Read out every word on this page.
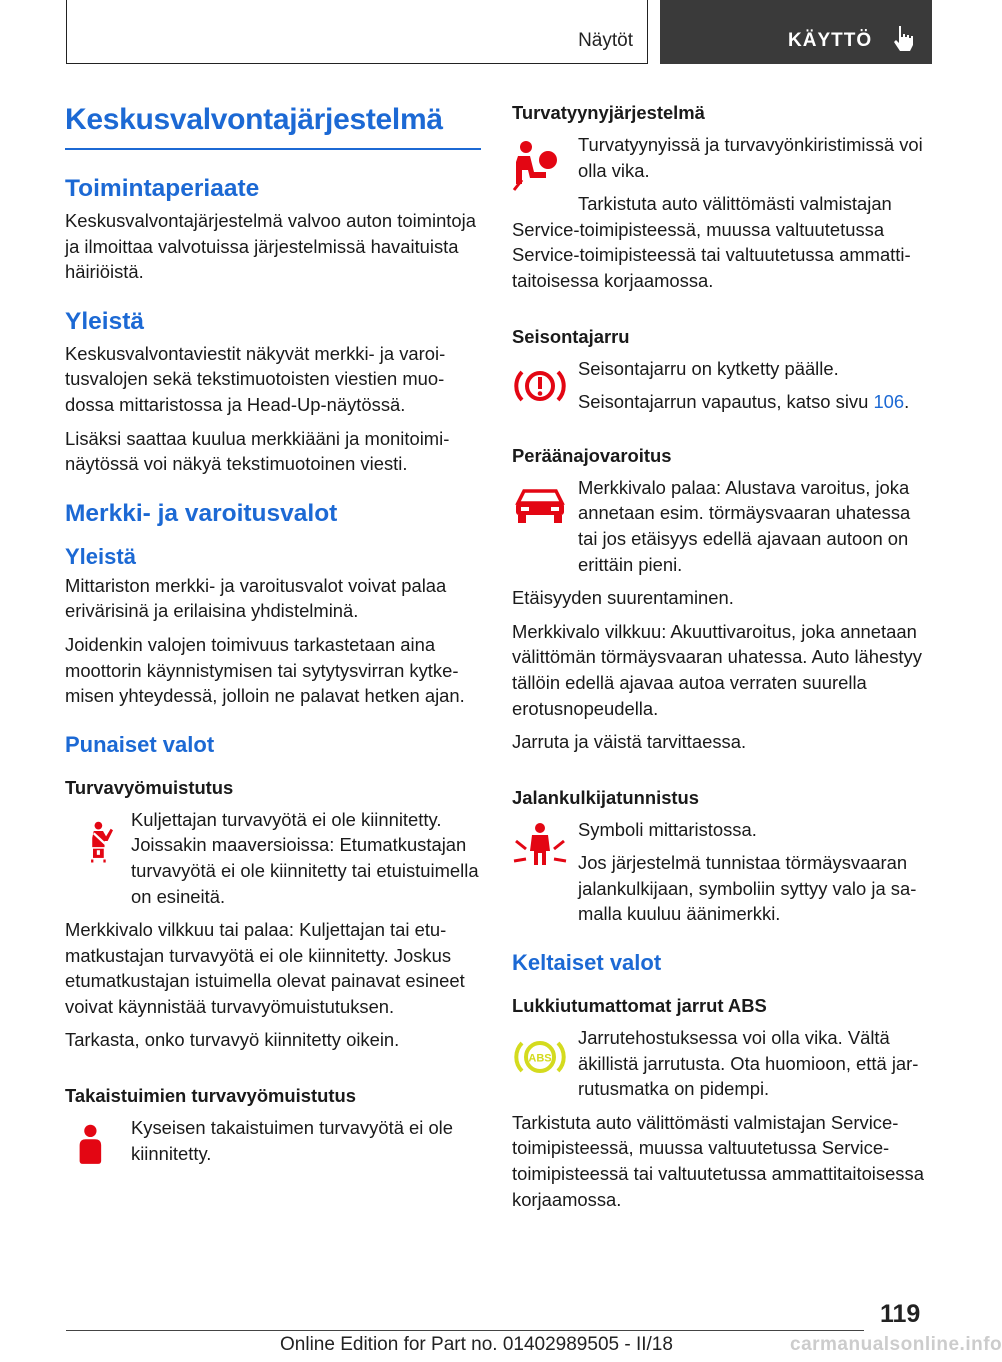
Näytöt	KÄYTTÖ
Keskusvalvontajärjestelmä
Toimintaperiaate

Keskusvalvontajärjestelmä valvoo auton toimintoja ja ilmoittaa valvotuissa järjestelmissä havaituista häiriöistä.

Yleistä

Keskusvalvontaviestit näkyvät merkki- ja varoitusvalojen sekä tekstimuotoisten viestien muodossa mittaristossa ja Head-Up-näytössä.

Lisäksi saattaa kuulua merkkiääni ja monitoiminäytössä voi näkyä tekstimuotoinen viesti.

Merkki- ja varoitusvalot
Yleistä

Mittariston merkki- ja varoitusvalot voivat palaa erivärisinä ja erilaisina yhdistelminä.

Joidenkin valojen toimivuus tarkastetaan aina moottorin käynnistymisen tai sytytysvirran kytkemisen yhteydessä, jolloin ne palavat hetken ajan.

Punaiset valot
Turvavyömuistutus

Kuljettajan turvavyötä ei ole kiinnitetty. Joissakin maaversioissa: Etumatkustajan turvavyötä ei ole kiinnitetty tai etuistuimella on esineitä.

Merkkivalo vilkkuu tai palaa: Kuljettajan tai etumatkustajan turvavyötä ei ole kiinnitetty. Joskus etumatkustajan istuimella olevat painavat esineet voivat käynnistää turvavyömuistutuksen.

Tarkasta, onko turvavyö kiinnitetty oikein.

Takaistuimien turvavyömuistutus

Kyseisen takaistuimen turvavyötä ei ole kiinnitetty.

Turvatyynyjärjestelmä

Turvatyynyissä ja turvavyönkiristimissä voi olla vika.

Tarkistuta auto välittömästi valmistajan

Service-toimipisteessä, muussa valtuutetussa Service-toimipisteessä tai valtuutetussa ammattitaitoisessa korjaamossa.

Seisontajarru

Seisontajarru on kytketty päälle.

Seisontajarrun vapautus, katso sivu 106.

Peräänajovaroitus

Merkkivalo palaa: Alustava varoitus, joka annetaan esim. törmäysvaaran uhatessa tai jos etäisyys edellä ajavaan autoon on erittäin pieni.

Etäisyyden suurentaminen.

Merkkivalo vilkkuu: Akuuttivaroitus, joka annetaan välittömän törmäysvaaran uhatessa. Auto lähestyy tällöin edellä ajavaa autoa verraten suurella erotusnopeudella.

Jarruta ja väistä tarvittaessa.

Jalankulkijatunnistus

Symboli mittaristossa.

Jos järjestelmä tunnistaa törmäysvaaran jalankulkijaan, symboliin syttyy valo ja samalla kuuluu äänimerkki.

Keltaiset valot
Lukkiutumattomat jarrut ABS
ABS

Jarrutehostuksessa voi olla vika. Vältä äkillistä jarrutusta. Ota huomioon, että jarrutusmatka on pidempi.

Tarkistuta auto välittömästi valmistajan Service-toimipisteessä, muussa valtuutetussa Service-toimipisteessä tai valtuutetussa ammattitaitoisessa korjaamossa.

119
Online Edition for Part no. 01402989505 - II/18	carmanualsonline.info
